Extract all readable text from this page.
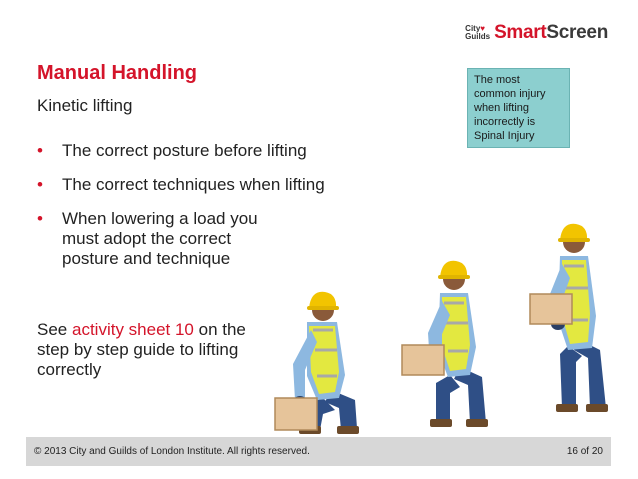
City♥
Guilds SmartScreen
Manual Handling
Kinetic lifting
• The correct posture before lifting
• The correct techniques when lifting
• When lowering a load you must adopt the correct posture and technique
See activity sheet 10 on the step by step guide to lifting correctly
The most common injury when lifting incorrectly is Spinal Injury
© 2013 City and Guilds of London Institute. All rights reserved.	16 of 20
